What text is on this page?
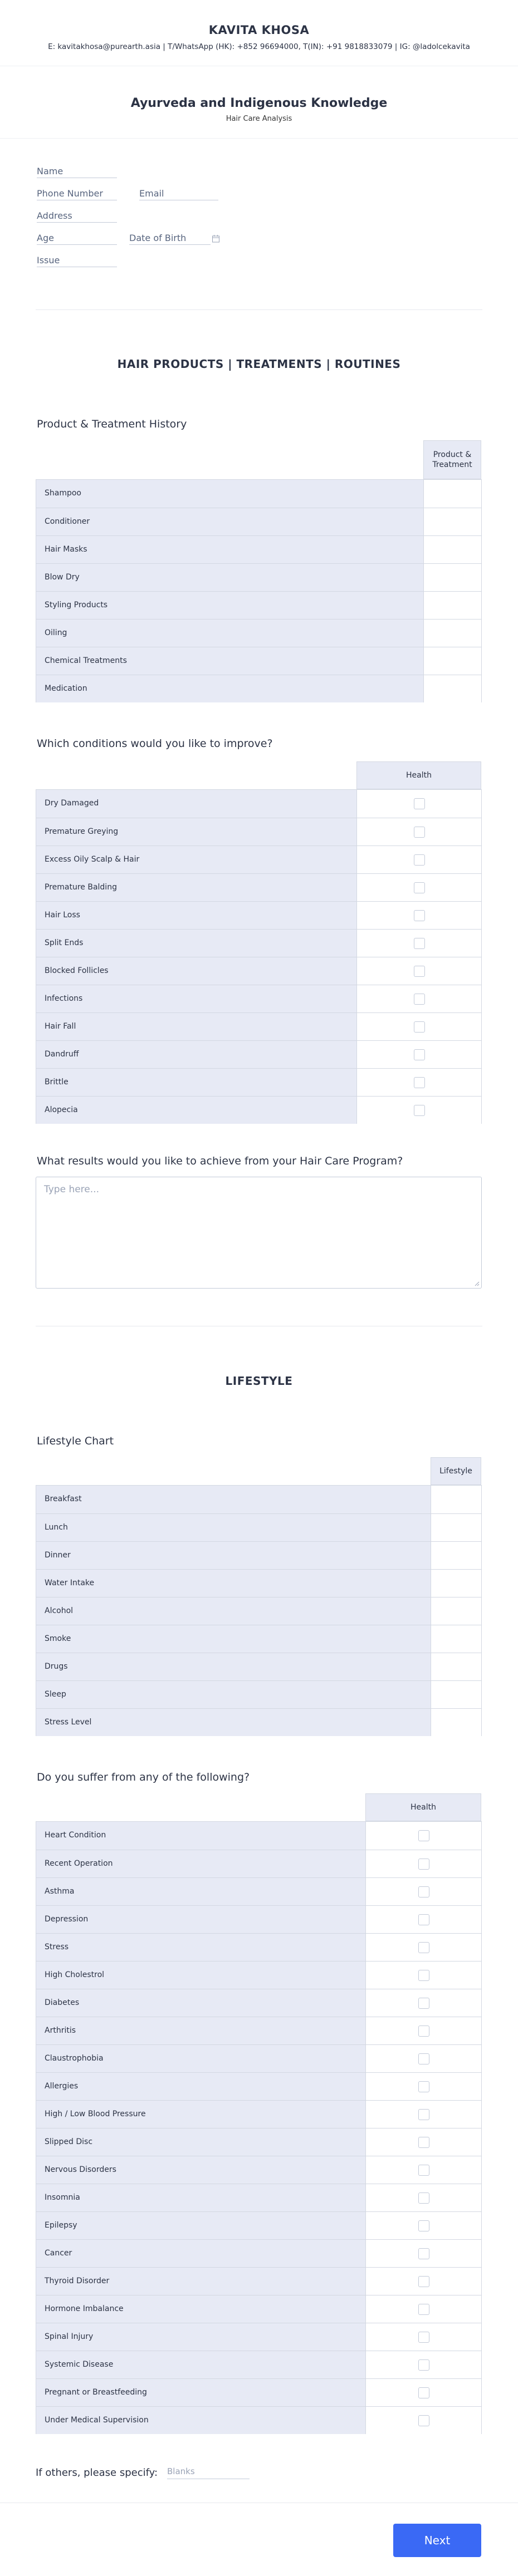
KAVITA KHOSA
E: kavitakhosa@purearth.asia | T/WhatsApp (HK): +852 96694000, T(IN): +91 9818833079 | IG: @ladolcekavita
Ayurveda and Indigenous Knowledge
Hair Care Analysis
Name
Phone Number	Email
Address
Age	Date of Birth
Issue
HAIR PRODUCTS | TREATMENTS | ROUTINES
Product & Treatment History
Product & Treatment
Shampoo
Conditioner
Hair Masks
Blow Dry
Styling Products
Oiling
Chemical Treatments
Medication
Which conditions would you like to improve?
Health
Dry Damaged
Premature Greying
Excess Oily Scalp & Hair
Premature Balding
Hair Loss
Split Ends
Blocked Follicles
Infections
Hair Fall
Dandruff
Brittle
Alopecia
What results would you like to achieve from your Hair Care Program?
Type here...
LIFESTYLE
Lifestyle Chart
Lifestyle
Breakfast
Lunch
Dinner
Water Intake
Alcohol
Smoke
Drugs
Sleep
Stress Level
Do you suffer from any of the following?
Health
Heart Condition
Recent Operation
Asthma
Depression
Stress
High Cholestrol
Diabetes
Arthritis
Claustrophobia
Allergies
High / Low Blood Pressure
Slipped Disc
Nervous Disorders
Insomnia
Epilepsy
Cancer
Thyroid Disorder
Hormone Imbalance
Spinal Injury
Systemic Disease
Pregnant or Breastfeeding
Under Medical Supervision
If others, please specify: Blanks
Next
